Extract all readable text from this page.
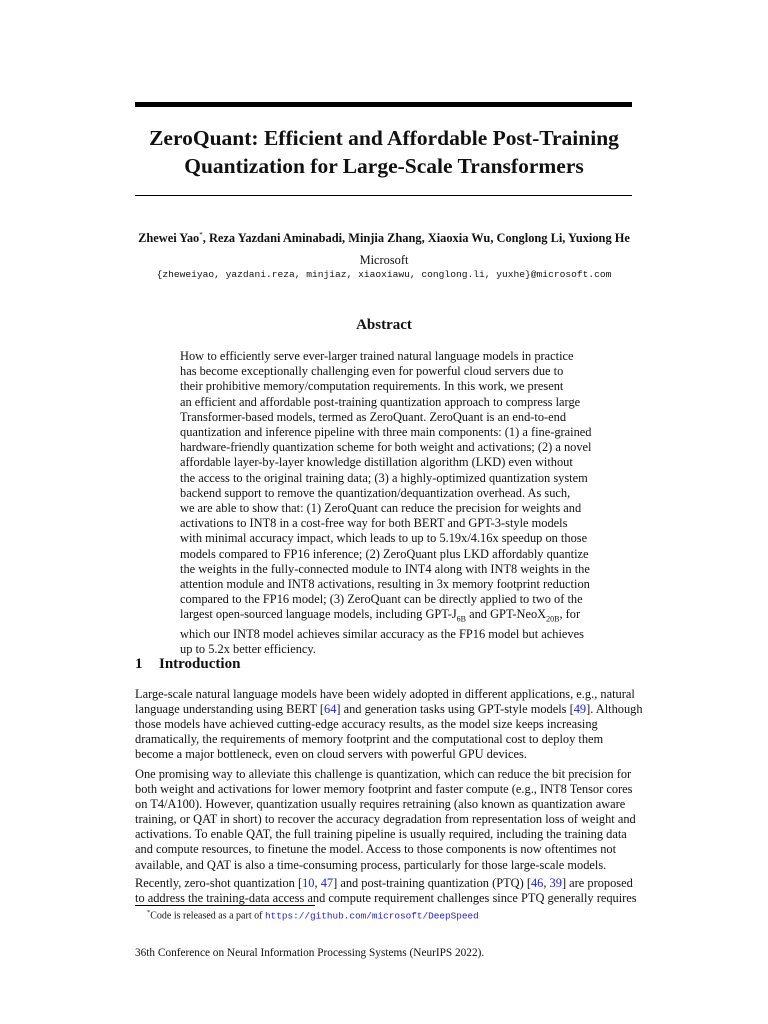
ZeroQuant: Efficient and Affordable Post-Training
Quantization for Large-Scale Transformers
Zhewei Yao*, Reza Yazdani Aminabadi, Minjia Zhang, Xiaoxia Wu, Conglong Li, Yuxiong He
Microsoft
{zheweiyao, yazdani.reza, minjiaz, xiaoxiawu, conglong.li, yuxhe}@microsoft.com
Abstract
How to efficiently serve ever-larger trained natural language models in practice
has become exceptionally challenging even for powerful cloud servers due to
their prohibitive memory/computation requirements. In this work, we present
an efficient and affordable post-training quantization approach to compress large
Transformer-based models, termed as ZeroQuant. ZeroQuant is an end-to-end
quantization and inference pipeline with three main components: (1) a fine-grained
hardware-friendly quantization scheme for both weight and activations; (2) a novel
affordable layer-by-layer knowledge distillation algorithm (LKD) even without
the access to the original training data; (3) a highly-optimized quantization system
backend support to remove the quantization/dequantization overhead. As such,
we are able to show that: (1) ZeroQuant can reduce the precision for weights and
activations to INT8 in a cost-free way for both BERT and GPT-3-style models
with minimal accuracy impact, which leads to up to 5.19x/4.16x speedup on those
models compared to FP16 inference; (2) ZeroQuant plus LKD affordably quantize
the weights in the fully-connected module to INT4 along with INT8 weights in the
attention module and INT8 activations, resulting in 3x memory footprint reduction
compared to the FP16 model; (3) ZeroQuant can be directly applied to two of the
largest open-sourced language models, including GPT-$J_{6B}$ and GPT-NeoX$_{20B}$, for
which our INT8 model achieves similar accuracy as the FP16 model but achieves
up to 5.2x better efficiency.
1 Introduction
Large-scale natural language models have been widely adopted in different applications, e.g., natural
language understanding using BERT [64] and generation tasks using GPT-style models [49]. Although
those models have achieved cutting-edge accuracy results, as the model size keeps increasing
dramatically, the requirements of memory footprint and the computational cost to deploy them
become a major bottleneck, even on cloud servers with powerful GPU devices.
One promising way to alleviate this challenge is quantization, which can reduce the bit precision for
both weight and activations for lower memory footprint and faster compute (e.g., INT8 Tensor cores
on T4/A100). However, quantization usually requires retraining (also known as quantization aware
training, or QAT in short) to recover the accuracy degradation from representation loss of weight and
activations. To enable QAT, the full training pipeline is usually required, including the training data
and compute resources, to finetune the model. Access to those components is now oftentimes not
available, and QAT is also a time-consuming process, particularly for those large-scale models.
Recently, zero-shot quantization [10, 47] and post-training quantization (PTQ) [46, 39] are proposed
to address the training-data access and compute requirement challenges since PTQ generally requires
*Code is released as a part of https://github.com/microsoft/DeepSpeed
36th Conference on Neural Information Processing Systems (NeurIPS 2022).
